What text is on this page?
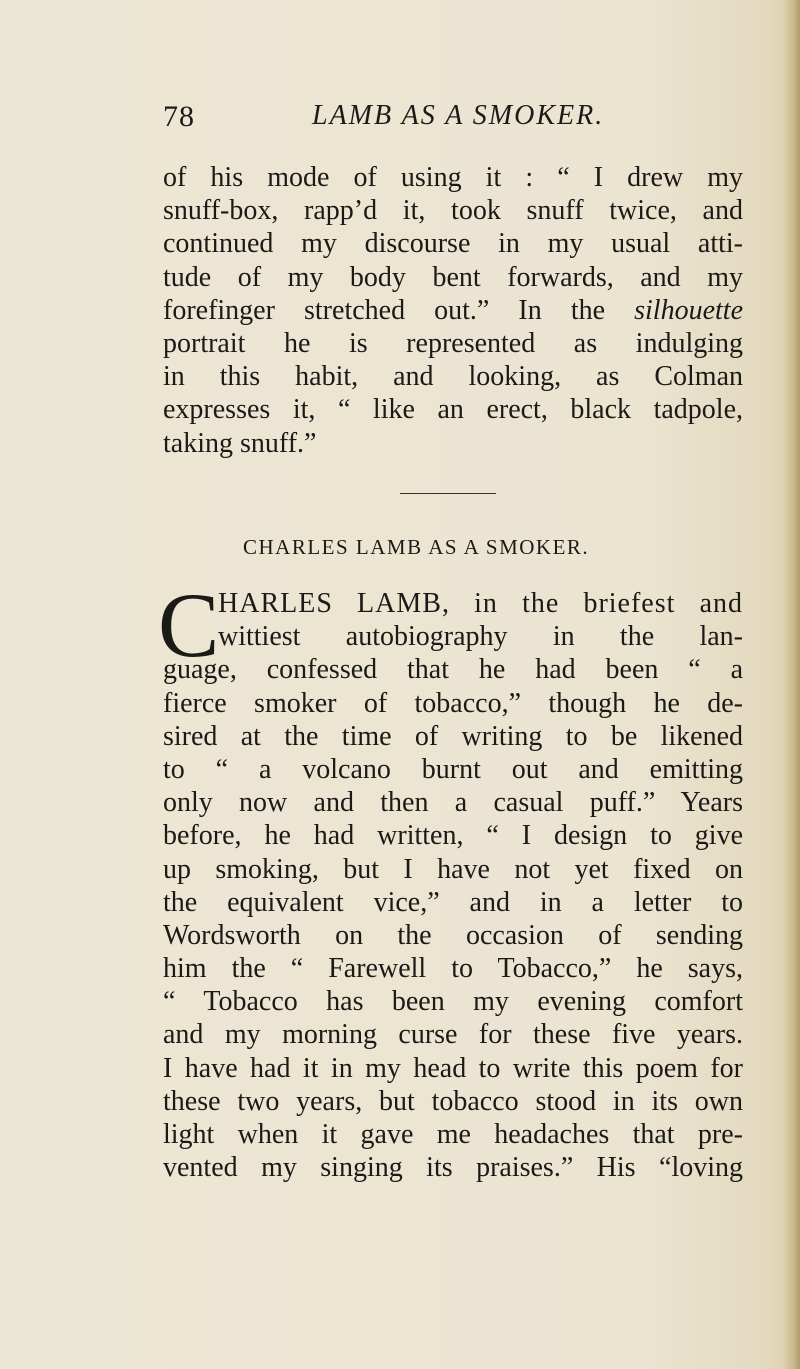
78	LAMB AS A SMOKER.
of his mode of using it : “ I drew my
snuff-box, rapp’d it, took snuff twice, and
continued my discourse in my usual atti-
tude of my body bent forwards, and my
forefinger stretched out.” In the silhouette
portrait he is represented as indulging
in this habit, and looking, as Colman
expresses it, “ like an erect, black tadpole,
taking snuff.”
CHARLES LAMB AS A SMOKER.
C
HARLES LAMB, in the briefest and
wittiest autobiography in the lan-
guage, confessed that he had been “ a
fierce smoker of tobacco,” though he de-
sired at the time of writing to be likened
to “ a volcano burnt out and emitting
only now and then a casual puff.” Years
before, he had written, “ I design to give
up smoking, but I have not yet fixed on
the equivalent vice,” and in a letter to
Wordsworth on the occasion of sending
him the “ Farewell to Tobacco,” he says,
“ Tobacco has been my evening comfort
and my morning curse for these five years.
I have had it in my head to write this poem for
these two years, but tobacco stood in its own
light when it gave me headaches that pre-
vented my singing its praises.” His “loving
